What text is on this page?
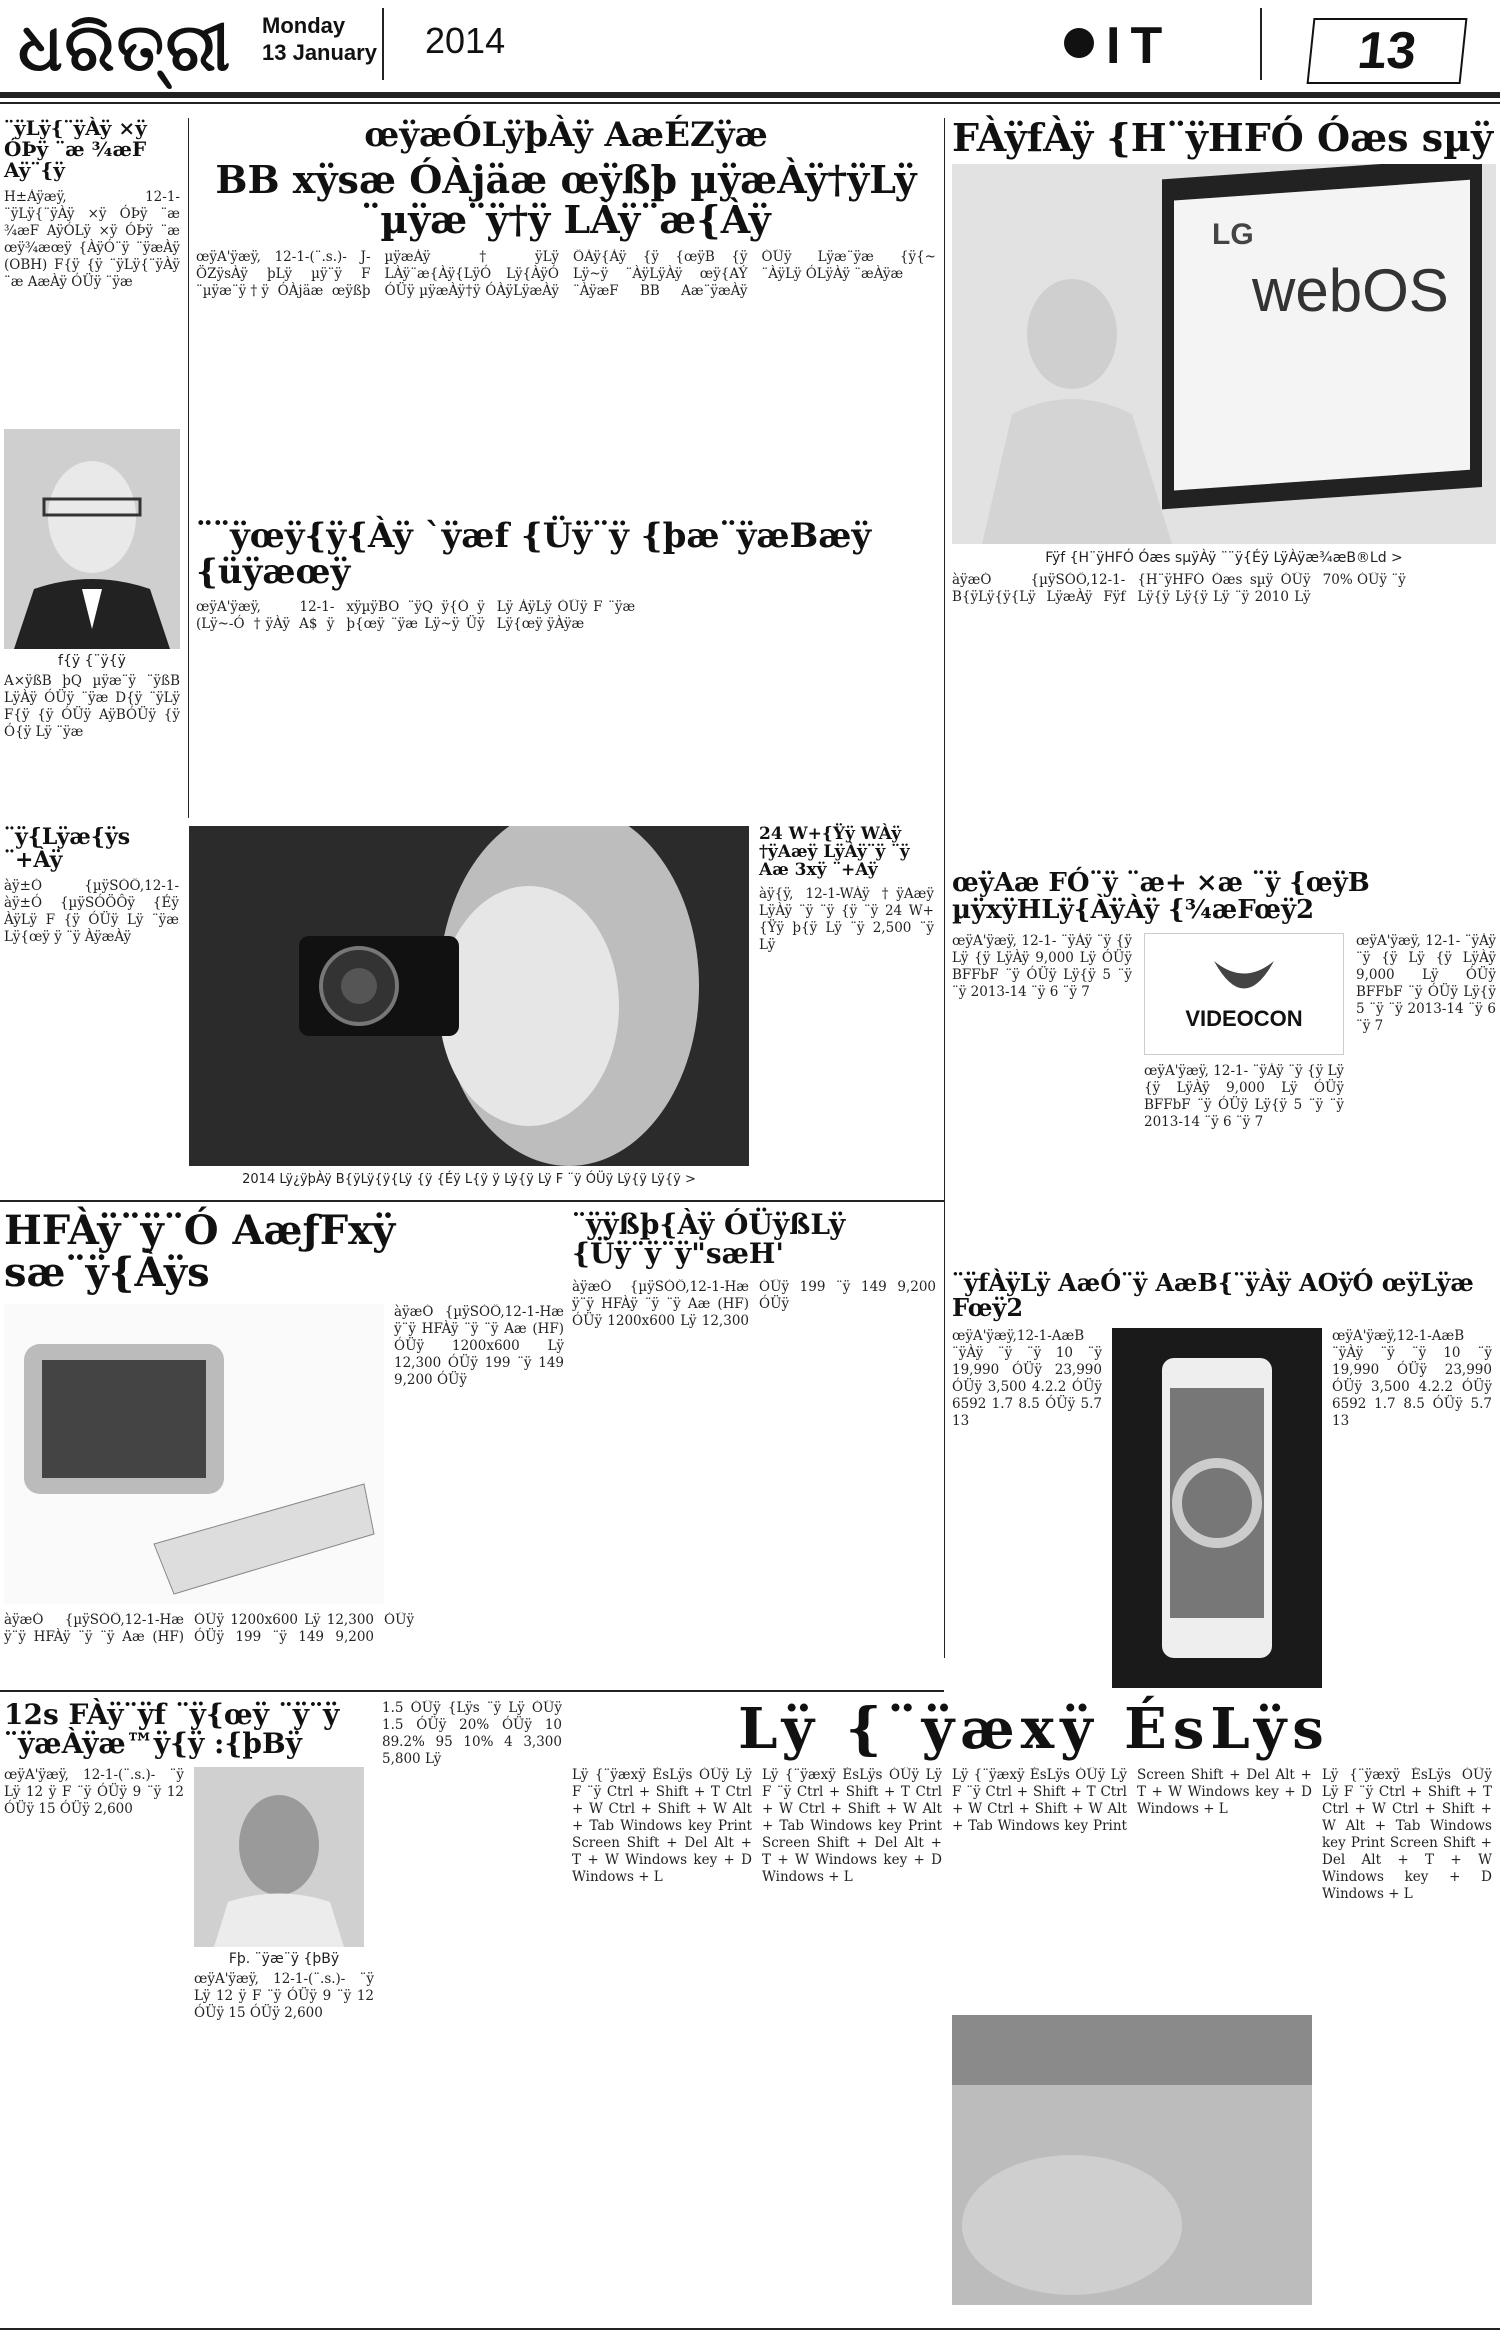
ଧରିତ୍ରୀ Monday
13 January 2014	IT	13
¨ÿLÿ{¨ÿÀÿ ×ÿ ÓÞÿ ¨æ ¾æF Aÿ¨{ÿ
H±Àÿæÿ, 12-1- ¨ÿLÿ{¨ÿÀÿ ×ÿ ÓÞÿ ¨æ ¾æF AÿÓLÿ ×ÿ ÓÞÿ ¨æ œÿ¾æœÿ {ÀÿÓ¨ÿ ¨ÿæÀÿ (OBH) F{ÿ {ÿ ¨ÿLÿ{¨ÿÀÿ ¨æ AæÀÿ ÓÜÿ ¨ÿæ
f{ÿ {¨ÿ{ÿ
A×ÿßB þQ µÿæ¨ÿ ¨ÿßB LÿÀÿ ÓÜÿ ¨ÿæ D{ÿ ¨ÿLÿ F{ÿ {ÿ ÓÜÿ AÿBÓÜÿ {ÿ Ó{ÿ Lÿ ¨ÿæ
œÿæÓLÿþÀÿ AæÉZÿæ
BB xÿsæ ÓÀjäæ œÿßþ µÿæÀÿ†ÿLÿ ¨µÿæ¨ÿ†ÿ LÀÿ¨æ{Àÿ
œÿA'ÿæÿ, 12-1-(¨.s.)- JÖZÿsÀÿ þLÿ µÿ¨ÿ F ¨µÿæ¨ÿ†ÿ ÓÀjäæ œÿßþ µÿæÀÿ†ÿLÿ LÀÿ¨æ{Àÿ{LÿÓ Lÿ{ÀÿÓ ÓÜÿ µÿæÀÿ†ÿ ÓÀÿLÿæÀÿ ÖÀÿ{Àÿ {ÿ {œÿB {ÿ Lÿ~ÿ ¨ÀÿLÿÀÿ œÿ{AÝ ¨ÀÿæF BB Aæ¨ÿæÀÿ ÓÜÿ Lÿæ¨ÿæ {ÿ{~ ¨ÀÿLÿ ÓLÿÀÿ ¨æÀÿæ
¨¨ÿœÿ{ÿ{Àÿ `ÿæf {Üÿ¨ÿ {þæ¨ÿæBæÿ {üÿæœÿ
œÿA'ÿæÿ, 12-1-(Lÿ~-Ó †ÿÀÿ A$ ÿ xÿµÿBO ¨ÿQ ÿ{Ó ÿ þ{œÿ ¨ÿæ Lÿ~ÿ Üÿ Lÿ ÀÿLÿ ÓÜÿ F ¨ÿæ Lÿ{œÿ ÿÀÿæ
¨ÿ{Lÿæ{ÿs ¨+Àÿ
àÿ±Ó {µÿSÓÖ,12-1-àÿ±Ó {µÿSÓÖÔÿ {Éÿ ÀÿLÿ F {ÿ ÓÜÿ Lÿ ¨ÿæ Lÿ{œÿ ÿ ¨ÿ ÀÿæÀÿ
2014 Lÿ¿ÿþÀÿ B{ÿLÿ{ÿ{Lÿ {ÿ {Éÿ L{ÿ ÿ Lÿ{ÿ Lÿ F ¨ÿ ÓÜÿ Lÿ{ÿ Lÿ{ÿ >
24 W+{Ÿÿ WÀÿ †ÿAæÿ LÿÀÿ¨ÿ ¨ÿ Aæ 3xÿ ¨+Aÿ
àÿ{ÿ, 12-1-WÀÿ †ÿAæÿ LÿÀÿ ¨ÿ ¨ÿ {ÿ ¨ÿ 24 W+{Ÿÿ þ{ÿ Lÿ ¨ÿ 2,500 ¨ÿ Lÿ
FÀÿfÀÿ {H¨ÿHFÓ Óæs sµÿ
LG
webOS
Fÿf {H¨ÿHFÓ Óæs sµÿÀÿ ¨¨ÿ{Éÿ LÿÀÿæ¾æB®Ld >
àÿæÓ {µÿSÓÖ,12-1- B{ÿLÿ{ÿ{Lÿ LÿæÀÿ Fÿf {H¨ÿHFÓ Óæs sµÿ ÓÜÿ Lÿ{ÿ Lÿ{ÿ Lÿ ¨ÿ 2010 Lÿ 70% ÓÜÿ ¨ÿ
œÿAæ FÓ¨ÿ ¨æ+ ×æ ¨ÿ {œÿB µÿxÿHLÿ{ÀÿÀÿ {¾æFœÿ2
œÿA'ÿæÿ, 12-1- ¨ÿÀÿ ¨ÿ {ÿ Lÿ {ÿ LÿÀÿ 9,000 Lÿ ÓÜÿ BFFbF ¨ÿ ÓÜÿ Lÿ{ÿ 5 ¨ÿ ¨ÿ 2013-14 ¨ÿ 6 ¨ÿ 7
VIDEOCON
œÿA'ÿæÿ, 12-1- ¨ÿÀÿ ¨ÿ {ÿ Lÿ {ÿ LÿÀÿ 9,000 Lÿ ÓÜÿ BFFbF ¨ÿ ÓÜÿ Lÿ{ÿ 5 ¨ÿ ¨ÿ 2013-14 ¨ÿ 6 ¨ÿ 7
œÿA'ÿæÿ, 12-1- ¨ÿÀÿ ¨ÿ {ÿ Lÿ {ÿ LÿÀÿ 9,000 Lÿ ÓÜÿ BFFbF ¨ÿ ÓÜÿ Lÿ{ÿ 5 ¨ÿ ¨ÿ 2013-14 ¨ÿ 6 ¨ÿ 7
HFÀÿ¨ÿ¨Ó AæƒFxÿ sæ¨ÿ{Àÿs
àÿæÓ {µÿSÓÖ,12-1-Hæ ÿ¨ÿ HFÀÿ ¨ÿ ¨ÿ Aæ (HF) ÓÜÿ 1200x600 Lÿ 12,300 ÓÜÿ 199 ¨ÿ 149 9,200 ÓÜÿ
àÿæÓ {µÿSÓÖ,12-1-Hæ ÿ¨ÿ HFÀÿ ¨ÿ ¨ÿ Aæ (HF) ÓÜÿ 1200x600 Lÿ 12,300 ÓÜÿ 199 ¨ÿ 149 9,200 ÓÜÿ
¨ÿÿßþ{Àÿ ÓÜÿßLÿ {Üÿ¨ÿ¨ÿ"sæH'
àÿæÓ {µÿSÓÖ,12-1-Hæ ÿ¨ÿ HFÀÿ ¨ÿ ¨ÿ Aæ (HF) ÓÜÿ 1200x600 Lÿ 12,300 ÓÜÿ 199 ¨ÿ 149 9,200 ÓÜÿ
¨ÿfÀÿLÿ AæÓ¨ÿ AæB{¨ÿÀÿ AOÿÓ œÿLÿæ Fœÿ2
œÿA'ÿæÿ,12-1-AæB ¨ÿÀÿ ¨ÿ ¨ÿ 10 ¨ÿ 19,990 ÓÜÿ 23,990 ÓÜÿ 3,500 4.2.2 ÓÜÿ 6592 1.7 8.5 ÓÜÿ 5.7 13
œÿA'ÿæÿ,12-1-AæB ¨ÿÀÿ ¨ÿ ¨ÿ 10 ¨ÿ 19,990 ÓÜÿ 23,990 ÓÜÿ 3,500 4.2.2 ÓÜÿ 6592 1.7 8.5 ÓÜÿ 5.7 13
12s FÀÿ¨ÿf ¨ÿ{œÿ ¨ÿ¨ÿ ¨ÿæÀÿæ™ÿ{ÿ :{þBÿ
œÿA'ÿæÿ, 12-1-(¨.s.)- ¨ÿ Lÿ 12 ÿ F ¨ÿ ÓÜÿ 9 ¨ÿ 12 ÓÜÿ 15 ÓÜÿ 2,600
Fþ. ¨ÿæ¨ÿ {þBÿ
œÿA'ÿæÿ, 12-1-(¨.s.)- ¨ÿ Lÿ 12 ÿ F ¨ÿ ÓÜÿ 9 ¨ÿ 12 ÓÜÿ 15 ÓÜÿ 2,600
1.5 ÓÜÿ {Lÿs ¨ÿ Lÿ ÓÜÿ 1.5 ÓÜÿ 20% ÓÜÿ 10 89.2% 95 10% 4 3,300 5,800 Lÿ	Lÿ {¨ÿæxÿ ÉsLÿs
Lÿ {¨ÿæxÿ ÉsLÿs ÓÜÿ Lÿ F ¨ÿ Ctrl + Shift + T Ctrl + W Ctrl + Shift + W Alt + Tab Windows key Print Screen Shift + Del Alt + T + W Windows key + D Windows + L
Lÿ {¨ÿæxÿ ÉsLÿs ÓÜÿ Lÿ F ¨ÿ Ctrl + Shift + T Ctrl + W Ctrl + Shift + W Alt + Tab Windows key Print Screen Shift + Del Alt + T + W Windows key + D Windows + L
Lÿ {¨ÿæxÿ ÉsLÿs ÓÜÿ Lÿ F ¨ÿ Ctrl + Shift + T Ctrl + W Ctrl + Shift + W Alt + Tab Windows key Print Screen Shift + Del Alt + T + W Windows key + D Windows + L
Lÿ {¨ÿæxÿ ÉsLÿs ÓÜÿ Lÿ F ¨ÿ Ctrl + Shift + T Ctrl + W Ctrl + Shift + W Alt + Tab Windows key Print Screen Shift + Del Alt + T + W Windows key + D Windows + L
